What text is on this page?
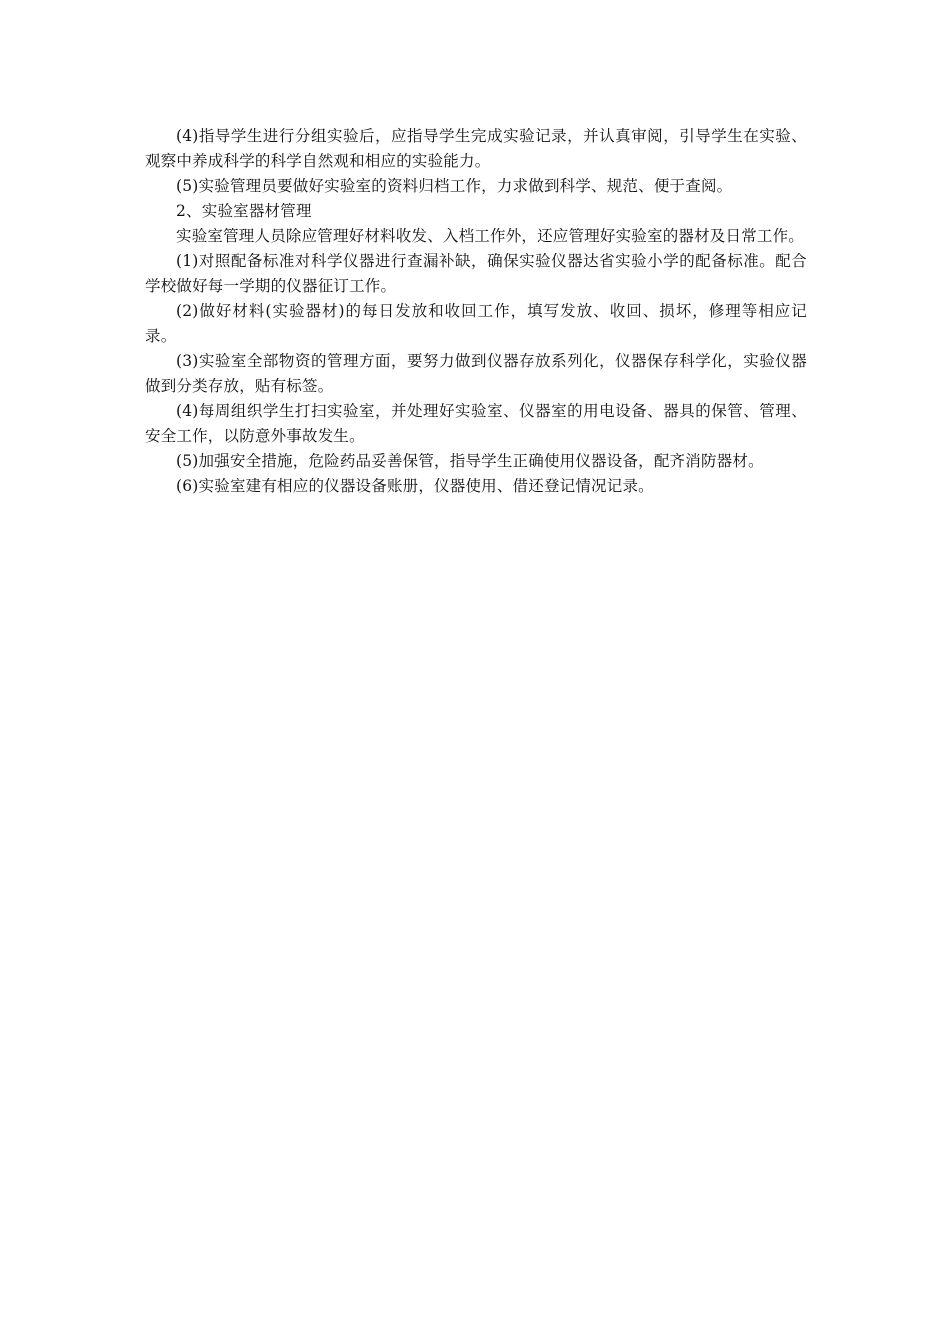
(4)指导学生进行分组实验后，应指导学生完成实验记录，并认真审阅，引导学生在实验、观察中养成科学的科学自然观和相应的实验能力。

(5)实验管理员要做好实验室的资料归档工作，力求做到科学、规范、便于查阅。

2、实验室器材管理

实验室管理人员除应管理好材料收发、入档工作外，还应管理好实验室的器材及日常工作。

(1)对照配备标准对科学仪器进行查漏补缺，确保实验仪器达省实验小学的配备标准。配合学校做好每一学期的仪器征订工作。

(2)做好材料(实验器材)的每日发放和收回工作，填写发放、收回、损坏，修理等相应记录。

(3)实验室全部物资的管理方面，要努力做到仪器存放系列化，仪器保存科学化，实验仪器做到分类存放，贴有标签。

(4)每周组织学生打扫实验室，并处理好实验室、仪器室的用电设备、器具的保管、管理、安全工作，以防意外事故发生。

(5)加强安全措施，危险药品妥善保管，指导学生正确使用仪器设备，配齐消防器材。

(6)实验室建有相应的仪器设备账册，仪器使用、借还登记情况记录。
